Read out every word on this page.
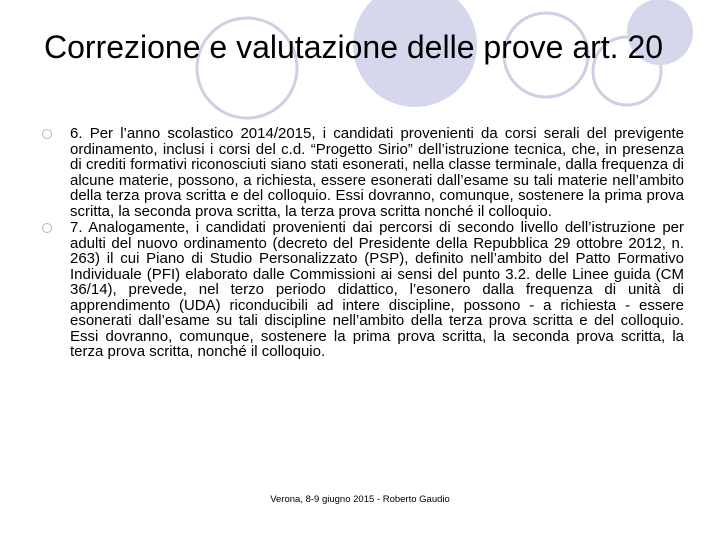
Correzione e valutazione delle prove art. 20
6. Per l’anno scolastico 2014/2015, i candidati provenienti da corsi serali del previgente ordinamento, inclusi i corsi del c.d. “Progetto Sirio” dell’istruzione tecnica, che, in presenza di crediti formativi riconosciuti siano stati esonerati, nella classe terminale, dalla frequenza di alcune materie, possono, a richiesta, essere esonerati dall’esame su tali materie nell’ambito della terza prova scritta e del colloquio. Essi dovranno, comunque, sostenere la prima prova scritta, la seconda prova scritta, la terza prova scritta nonché il colloquio.
7. Analogamente, i candidati provenienti dai percorsi di secondo livello dell’istruzione per adulti del nuovo ordinamento (decreto del Presidente della Repubblica 29 ottobre 2012, n. 263) il cui Piano di Studio Personalizzato (PSP), definito nell’ambito del Patto Formativo Individuale (PFI) elaborato dalle Commissioni ai sensi del punto 3.2. delle Linee guida (CM 36/14), prevede, nel terzo periodo didattico, l’esonero dalla frequenza di unità di apprendimento (UDA) riconducibili ad intere discipline, possono - a richiesta - essere esonerati dall’esame su tali discipline nell’ambito della terza prova scritta e del colloquio. Essi dovranno, comunque, sostenere la prima prova scritta, la seconda prova scritta, la terza prova scritta, nonché il colloquio.
Verona, 8-9 giugno 2015 - Roberto Gaudio
